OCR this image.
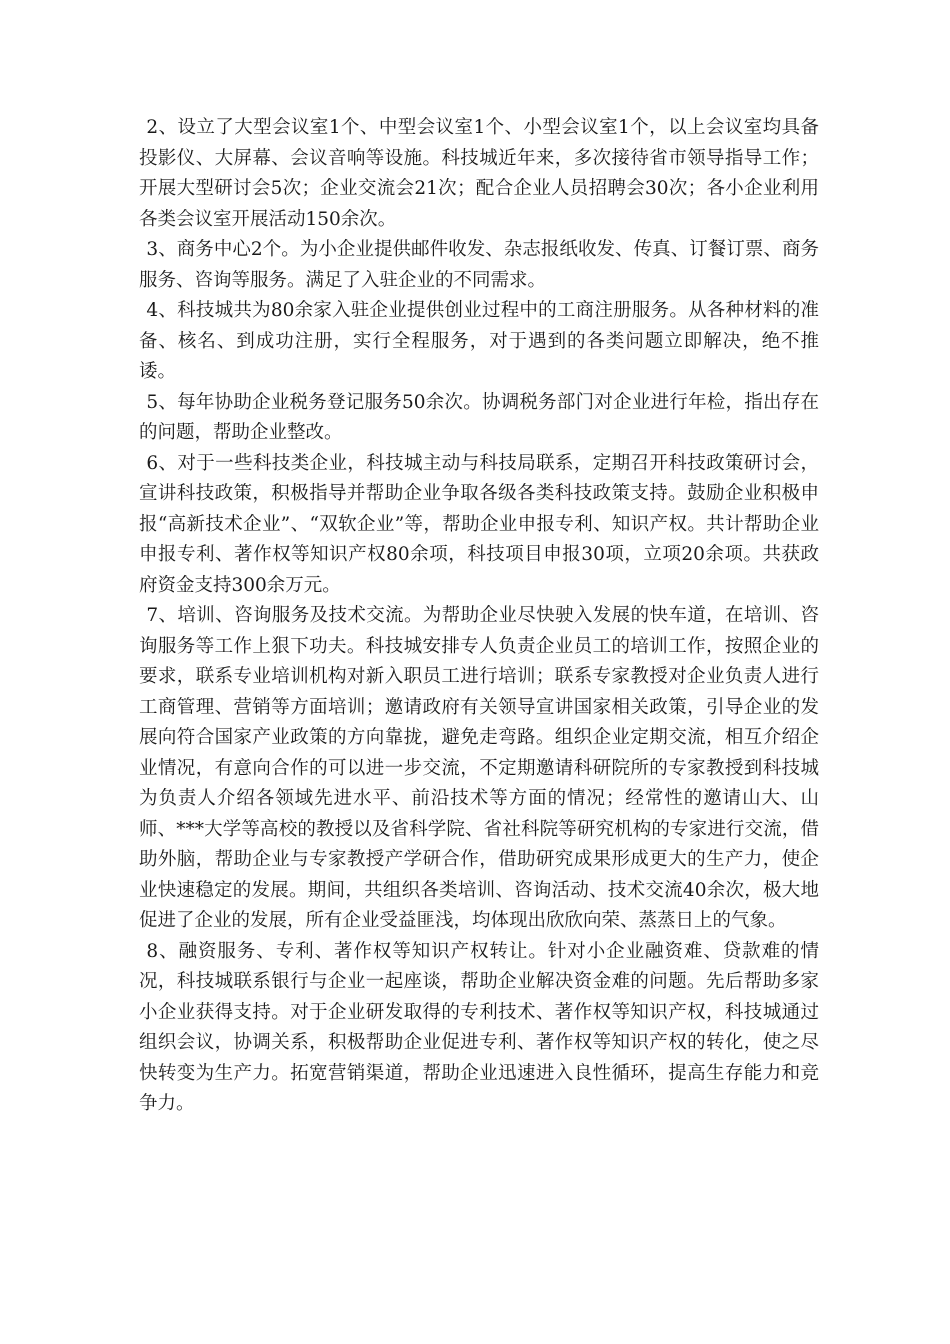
2、设立了大型会议室1个、中型会议室1个、小型会议室1个，以上会议室均具备投影仪、大屏幕、会议音响等设施。科技城近年来，多次接待省市领导指导工作；开展大型研讨会5次；企业交流会21次；配合企业人员招聘会30次；各小企业利用各类会议室开展活动150余次。

3、商务中心2个。为小企业提供邮件收发、杂志报纸收发、传真、订餐订票、商务服务、咨询等服务。满足了入驻企业的不同需求。

4、科技城共为80余家入驻企业提供创业过程中的工商注册服务。从各种材料的准备、核名、到成功注册，实行全程服务，对于遇到的各类问题立即解决，绝不推诿。

5、每年协助企业税务登记服务50余次。协调税务部门对企业进行年检，指出存在的问题，帮助企业整改。

6、对于一些科技类企业，科技城主动与科技局联系，定期召开科技政策研讨会，宣讲科技政策，积极指导并帮助企业争取各级各类科技政策支持。鼓励企业积极申报“高新技术企业”、“双软企业”等，帮助企业申报专利、知识产权。共计帮助企业申报专利、著作权等知识产权80余项，科技项目申报30项，立项20余项。共获政府资金支持300余万元。

7、培训、咨询服务及技术交流。为帮助企业尽快驶入发展的快车道，在培训、咨询服务等工作上狠下功夫。科技城安排专人负责企业员工的培训工作，按照企业的要求，联系专业培训机构对新入职员工进行培训；联系专家教授对企业负责人进行工商管理、营销等方面培训；邀请政府有关领导宣讲国家相关政策，引导企业的发展向符合国家产业政策的方向靠拢，避免走弯路。组织企业定期交流，相互介绍企业情况，有意向合作的可以进一步交流，不定期邀请科研院所的专家教授到科技城为负责人介绍各领域先进水平、前沿技术等方面的情况；经常性的邀请山大、山师、***大学等高校的教授以及省科学院、省社科院等研究机构的专家进行交流，借助外脑，帮助企业与专家教授产学研合作，借助研究成果形成更大的生产力，使企业快速稳定的发展。期间，共组织各类培训、咨询活动、技术交流40余次，极大地促进了企业的发展，所有企业受益匪浅，均体现出欣欣向荣、蒸蒸日上的气象。

8、融资服务、专利、著作权等知识产权转让。针对小企业融资难、贷款难的情况，科技城联系银行与企业一起座谈，帮助企业解决资金难的问题。先后帮助多家小企业获得支持。对于企业研发取得的专利技术、著作权等知识产权，科技城通过组织会议，协调关系，积极帮助企业促进专利、著作权等知识产权的转化，使之尽快转变为生产力。拓宽营销渠道，帮助企业迅速进入良性循环，提高生存能力和竞争力。
